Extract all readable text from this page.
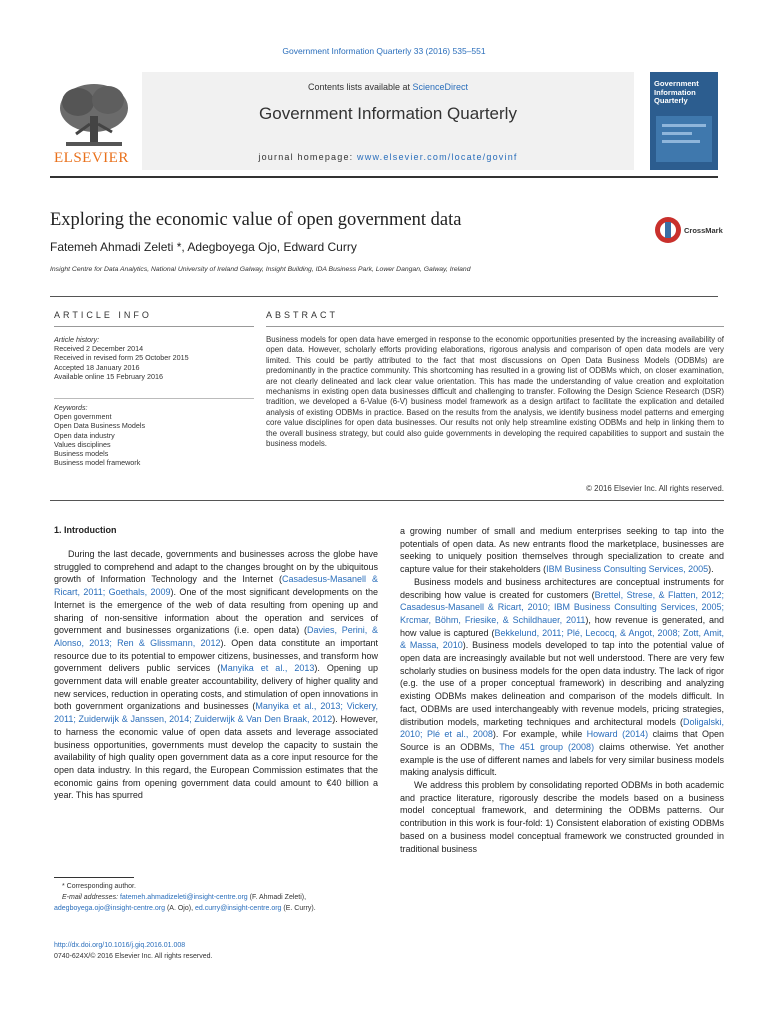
Government Information Quarterly 33 (2016) 535–551
Contents lists available at ScienceDirect
Government Information Quarterly
journal homepage: www.elsevier.com/locate/govinf
ELSEVIER
Government Information Quarterly
Exploring the economic value of open government data
Fatemeh Ahmadi Zeleti *, Adegboyega Ojo, Edward Curry
Insight Centre for Data Analytics, National University of Ireland Galway, Insight Building, IDA Business Park, Lower Dangan, Galway, Ireland
CrossMark
ARTICLE INFO
Article history:
Received 2 December 2014
Received in revised form 25 October 2015
Accepted 18 January 2016
Available online 15 February 2016
Keywords:
Open government
Open Data Business Models
Open data industry
Values disciplines
Business models
Business model framework
ABSTRACT
Business models for open data have emerged in response to the economic opportunities presented by the increasing availability of open data. However, scholarly efforts providing elaborations, rigorous analysis and comparison of open data models are very limited. This could be partly attributed to the fact that most discussions on Open Data Business Models (ODBMs) are predominantly in the practice community. This shortcoming has resulted in a growing list of ODBMs which, on closer examination, are not clearly delineated and lack clear value orientation. This has made the understanding of value creation and exploitation mechanisms in existing open data businesses difficult and challenging to transfer. Following the Design Science Research (DSR) tradition, we developed a 6-Value (6-V) business model framework as a design artifact to facilitate the explication and detailed analysis of existing ODBMs in practice. Based on the results from the analysis, we identify business model patterns and emerging core value disciplines for open data businesses. Our results not only help streamline existing ODBMs and help in linking them to the overall business strategy, but could also guide governments in developing the required capabilities to support and sustain the business models.
© 2016 Elsevier Inc. All rights reserved.
1. Introduction

During the last decade, governments and businesses across the globe have struggled to comprehend and adapt to the changes brought on by the ubiquitous growth of Information Technology and the Internet (Casadesus-Masanell & Ricart, 2011; Goethals, 2009). One of the most significant developments on the Internet is the emergence of the web of data resulting from opening up and sharing of non-sensitive information about the operation and services of government and businesses organizations (i.e. open data) (Davies, Perini, & Alonso, 2013; Ren & Glissmann, 2012). Open data constitute an important resource due to its potential to empower citizens, businesses, and transform how government delivers public services (Manyika et al., 2013). Opening up government data will enable greater accountability, delivery of higher quality and new services, reduction in operating costs, and stimulation of open innovations in both government organizations and businesses (Manyika et al., 2013; Vickery, 2011; Zuiderwijk & Janssen, 2014; Zuiderwijk & Van Den Braak, 2012). However, to harness the economic value of open data assets and leverage associated business opportunities, governments must develop the capacity to sustain the availability of high quality open government data as a core input resource for the open data industry. In this regard, the European Commission estimates that the economic gains from opening government data could amount to €40 billion a year. This has spurred

a growing number of small and medium enterprises seeking to tap into the potentials of open data. As new entrants flood the marketplace, businesses are seeking to uniquely position themselves through specialization to create and capture value for their stakeholders (IBM Business Consulting Services, 2005).

Business models and business architectures are conceptual instruments for describing how value is created for customers (Brettel, Strese, & Flatten, 2012; Casadesus-Masanell & Ricart, 2010; IBM Business Consulting Services, 2005; Krcmar, Böhm, Friesike, & Schildhauer, 2011), how revenue is generated, and how value is captured (Bekkelund, 2011; Plé, Lecocq, & Angot, 2008; Zott, Amit, & Massa, 2010). Business models developed to tap into the potential value of open data are increasingly available but not well understood. There are very few scholarly studies on business models for the open data industry. The lack of rigor (e.g. the use of a proper conceptual framework) in describing and analyzing existing ODBMs makes delineation and comparison of the models difficult. In fact, ODBMs are used interchangeably with revenue models, pricing strategies, distribution models, marketing techniques and architectural models (Doligalski, 2010; Plé et al., 2008). For example, while Howard (2014) claims that Open Source is an ODBMs, The 451 group (2008) claims otherwise. Yet another example is the use of different names and labels for very similar business models making analysis difficult.

We address this problem by consolidating reported ODBMs in both academic and practice literature, rigorously describe the models based on a business model conceptual framework, and determining the ODBMs patterns. Our contribution in this work is four-fold: 1) Consistent elaboration of existing ODBMs based on a business model conceptual framework we constructed grounded in traditional business

* Corresponding author.
E-mail addresses: fatemeh.ahmadizeleti@insight-centre.org (F. Ahmadi Zeleti),
adegboyega.ojo@insight-centre.org (A. Ojo), ed.curry@insight-centre.org (E. Curry).
http://dx.doi.org/10.1016/j.giq.2016.01.008
0740-624X/© 2016 Elsevier Inc. All rights reserved.
